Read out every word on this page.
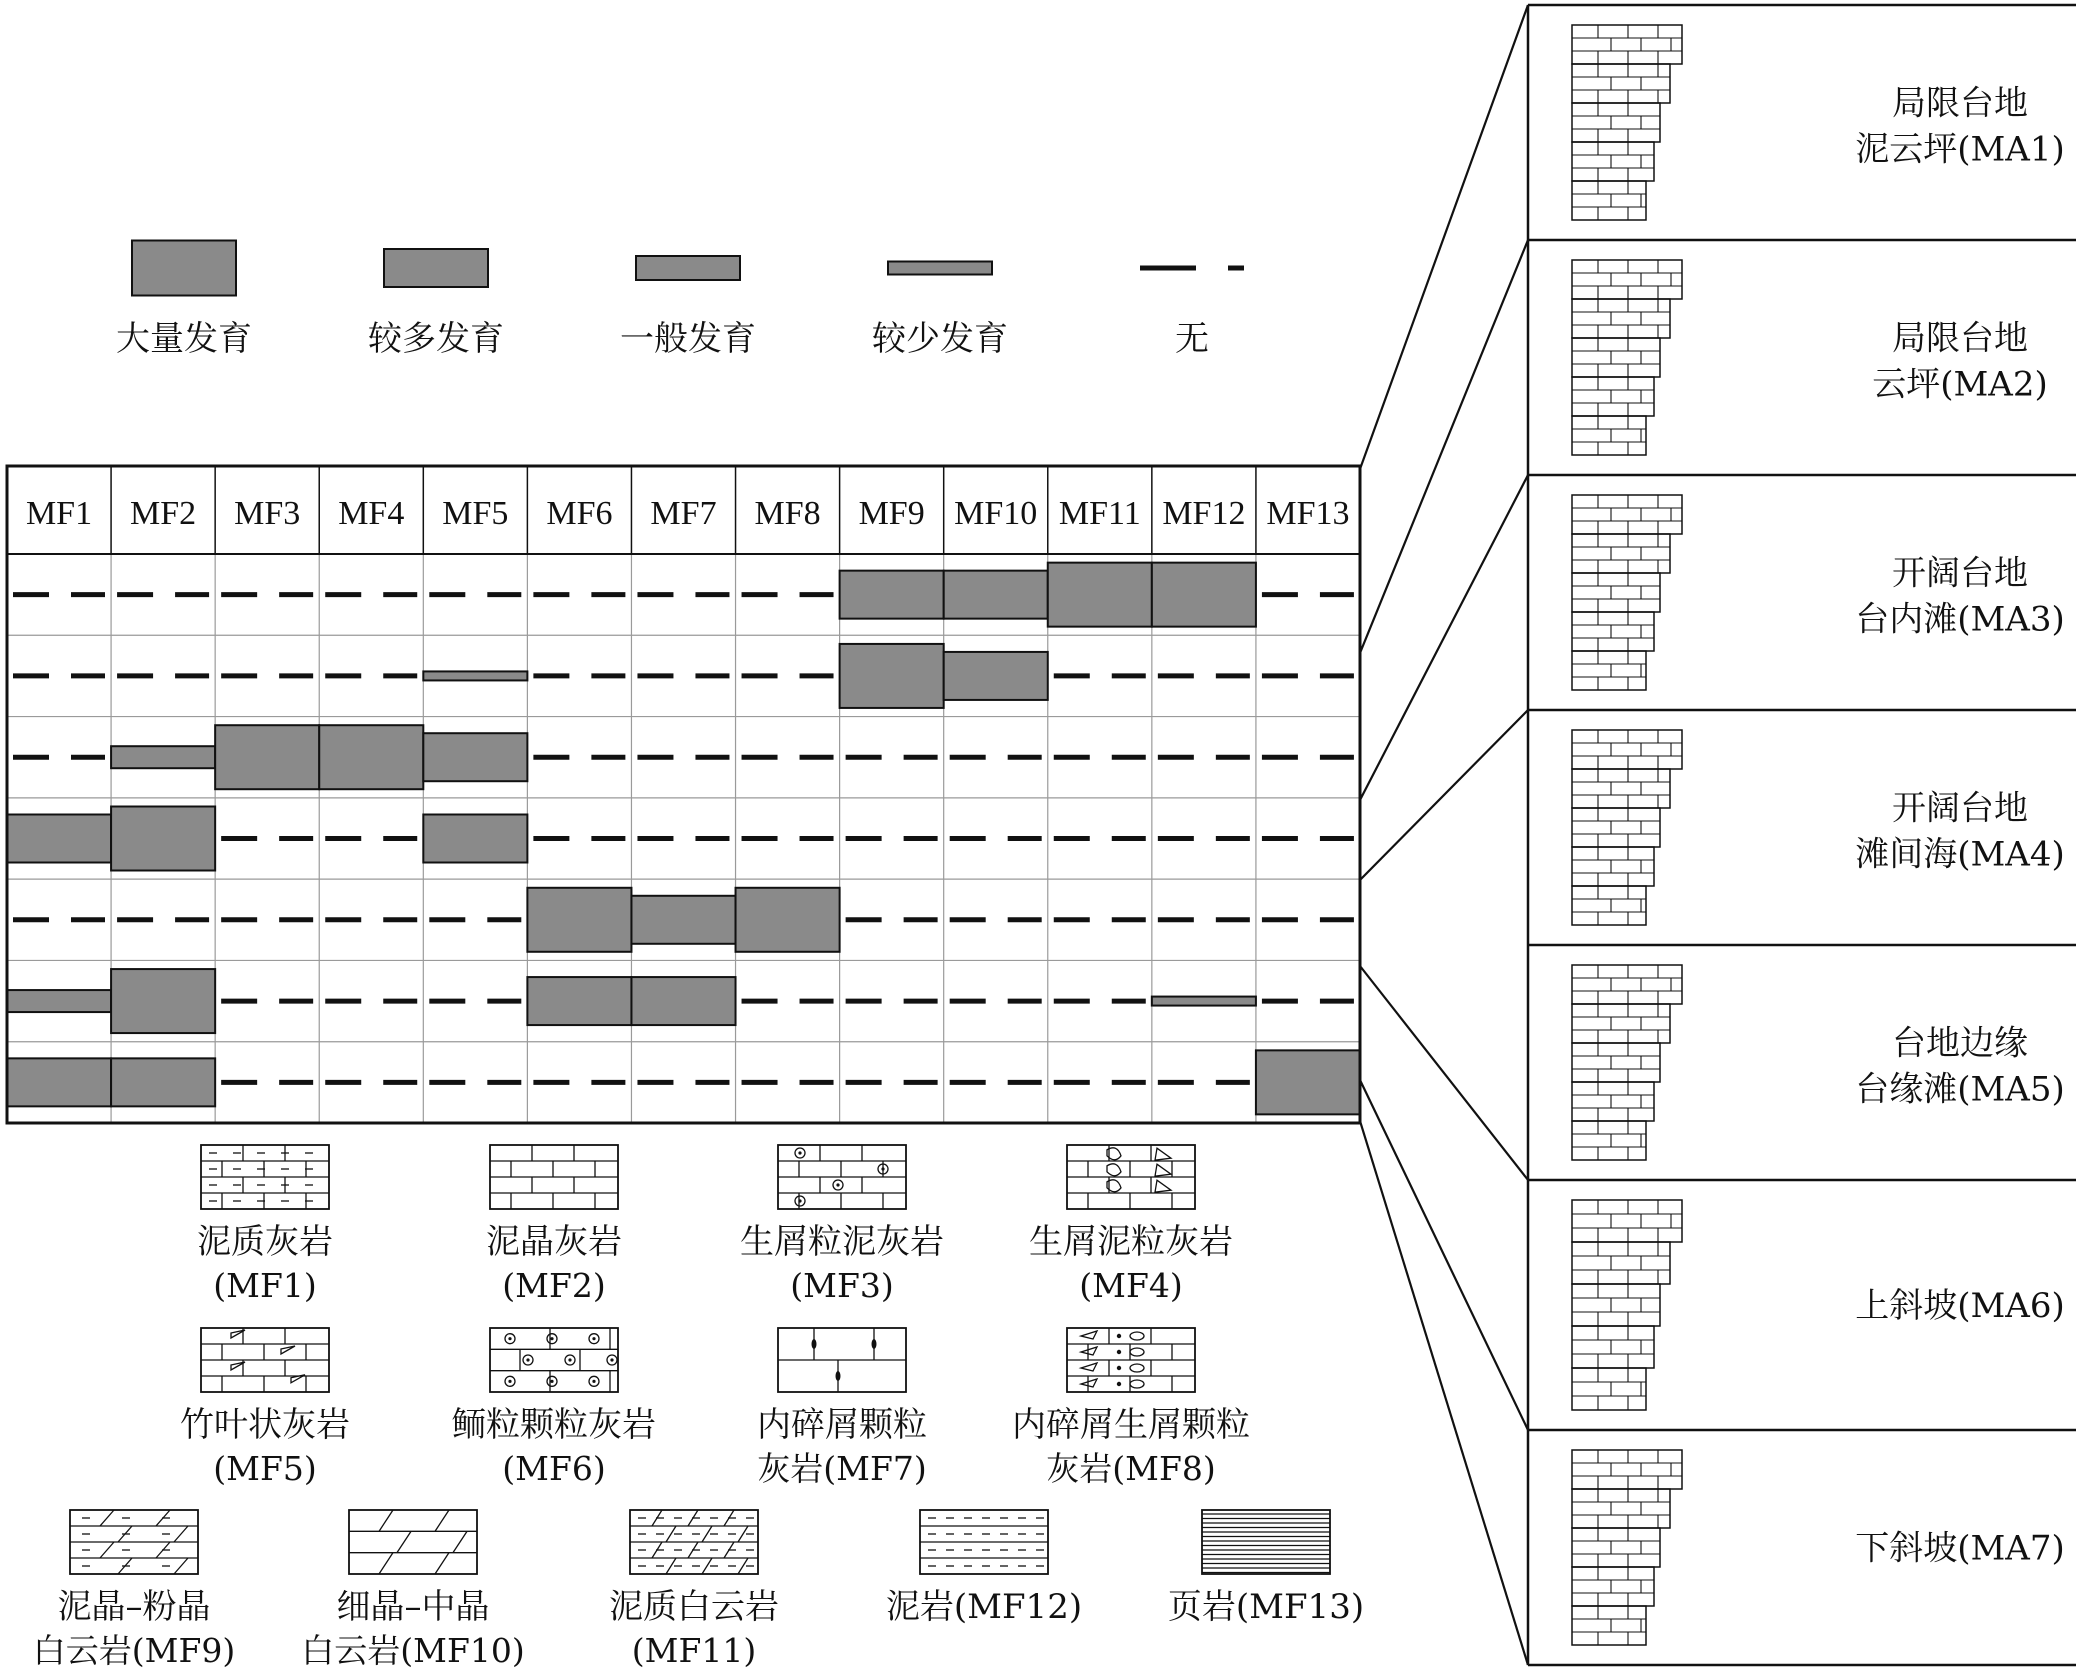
大量发育	较多发育	一般发育	较少发育	无
MF1 MF2 MF3 MF4 MF5 MF6 MF7 MF8 MF9 MF10 MF11 MF12 MF13
泥质灰岩
(MF1)
泥晶灰岩
(MF2)
生屑粒泥灰岩
(MF3)
生屑泥粒灰岩
(MF4)
竹叶状灰岩
(MF5)
鲕粒颗粒灰岩
(MF6)
内碎屑颗粒
灰岩(MF7)
内碎屑生屑颗粒
灰岩(MF8)
泥晶–粉晶
白云岩(MF9)
细晶–中晶
白云岩(MF10)
泥质白云岩
(MF11)
泥岩(MF12)	页岩(MF13)
局限台地
泥云坪(MA1)
局限台地
云坪(MA2)
开阔台地
台内滩(MA3)
开阔台地
滩间海(MA4)
台地边缘
台缘滩(MA5)
上斜坡(MA6)
下斜坡(MA7)
